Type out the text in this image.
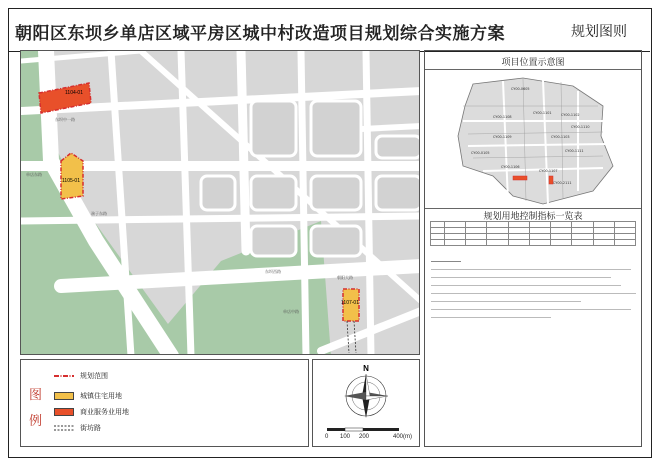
朝阳区东坝乡单店区域平房区城中村改造项目规划综合实施方案	规划图则
1104-01
1105-01
1107-01
东坝中一路
单店东路
驹子东路
东坝西路
单店中路
朝阳大路
图
例
规划范围
城镇住宅用地
商业服务业用地
街坊路
N
0 100 200	400(m)
项目位置示意图
CY00-0605
CY00-1101
CY00-1108	CY00-1102
CY00-1110
CY00-1109	CY00-1103
CY00-1111
CY00-0105
CY00-1106
CY00-1107
CY00-2111
规划用地控制指标一览表
